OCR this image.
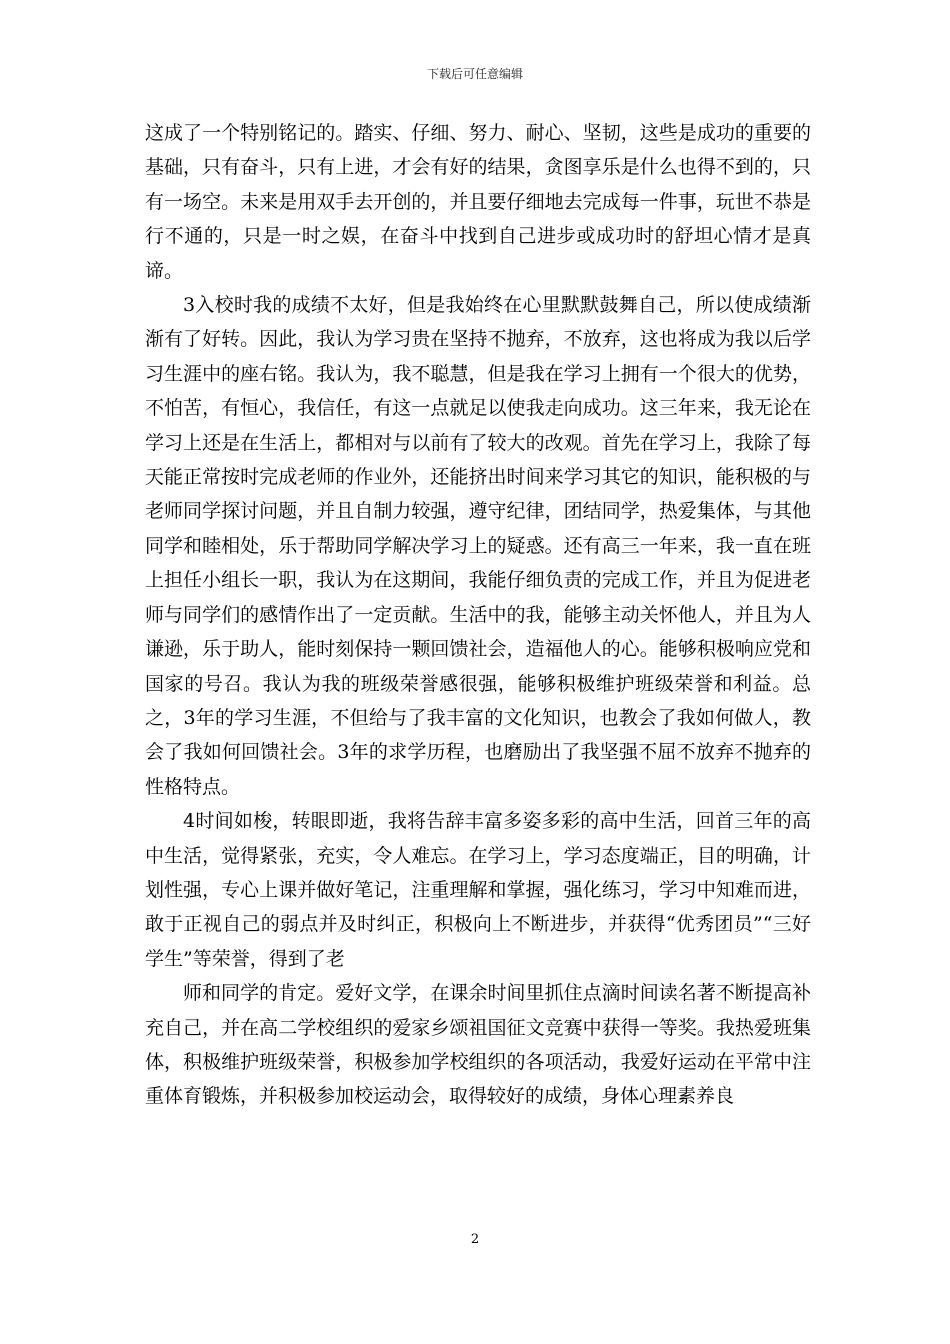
下载后可任意编辑

这成了一个特别铭记的。踏实、仔细、努力、耐心、坚韧，这些是成功的重要的基础，只有奋斗，只有上进，才会有好的结果，贪图享乐是什么也得不到的，只有一场空。未来是用双手去开创的，并且要仔细地去完成每一件事，玩世不恭是行不通的，只是一时之娱，在奋斗中找到自己进步或成功时的舒坦心情才是真谛。

3入校时我的成绩不太好，但是我始终在心里默默鼓舞自己，所以使成绩渐渐有了好转。因此，我认为学习贵在坚持不抛弃，不放弃，这也将成为我以后学习生涯中的座右铭。我认为，我不聪慧，但是我在学习上拥有一个很大的优势，不怕苦，有恒心，我信任，有这一点就足以使我走向成功。这三年来，我无论在学习上还是在生活上，都相对与以前有了较大的改观。首先在学习上，我除了每天能正常按时完成老师的作业外，还能挤出时间来学习其它的知识，能积极的与老师同学探讨问题，并且自制力较强，遵守纪律，团结同学，热爱集体，与其他同学和睦相处，乐于帮助同学解决学习上的疑惑。还有高三一年来，我一直在班上担任小组长一职，我认为在这期间，我能仔细负责的完成工作，并且为促进老师与同学们的感情作出了一定贡献。生活中的我，能够主动关怀他人，并且为人谦逊，乐于助人，能时刻保持一颗回馈社会，造福他人的心。能够积极响应党和国家的号召。我认为我的班级荣誉感很强，能够积极维护班级荣誉和利益。总之，3年的学习生涯，不但给与了我丰富的文化知识，也教会了我如何做人，教会了我如何回馈社会。3年的求学历程，也磨励出了我坚强不屈不放弃不抛弃的性格特点。

4时间如梭，转眼即逝，我将告辞丰富多姿多彩的高中生活，回首三年的高中生活，觉得紧张，充实，令人难忘。在学习上，学习态度端正，目的明确，计划性强，专心上课并做好笔记，注重理解和掌握，强化练习，学习中知难而进，敢于正视自己的弱点并及时纠正，积极向上不断进步，并获得“优秀团员”“三好学生”等荣誉，得到了老

师和同学的肯定。爱好文学，在课余时间里抓住点滴时间读名著不断提高补充自己，并在高二学校组织的爱家乡颂祖国征文竞赛中获得一等奖。我热爱班集体，积极维护班级荣誉，积极参加学校组织的各项活动，我爱好运动在平常中注重体育锻炼，并积极参加校运动会，取得较好的成绩，身体心理素养良

2
